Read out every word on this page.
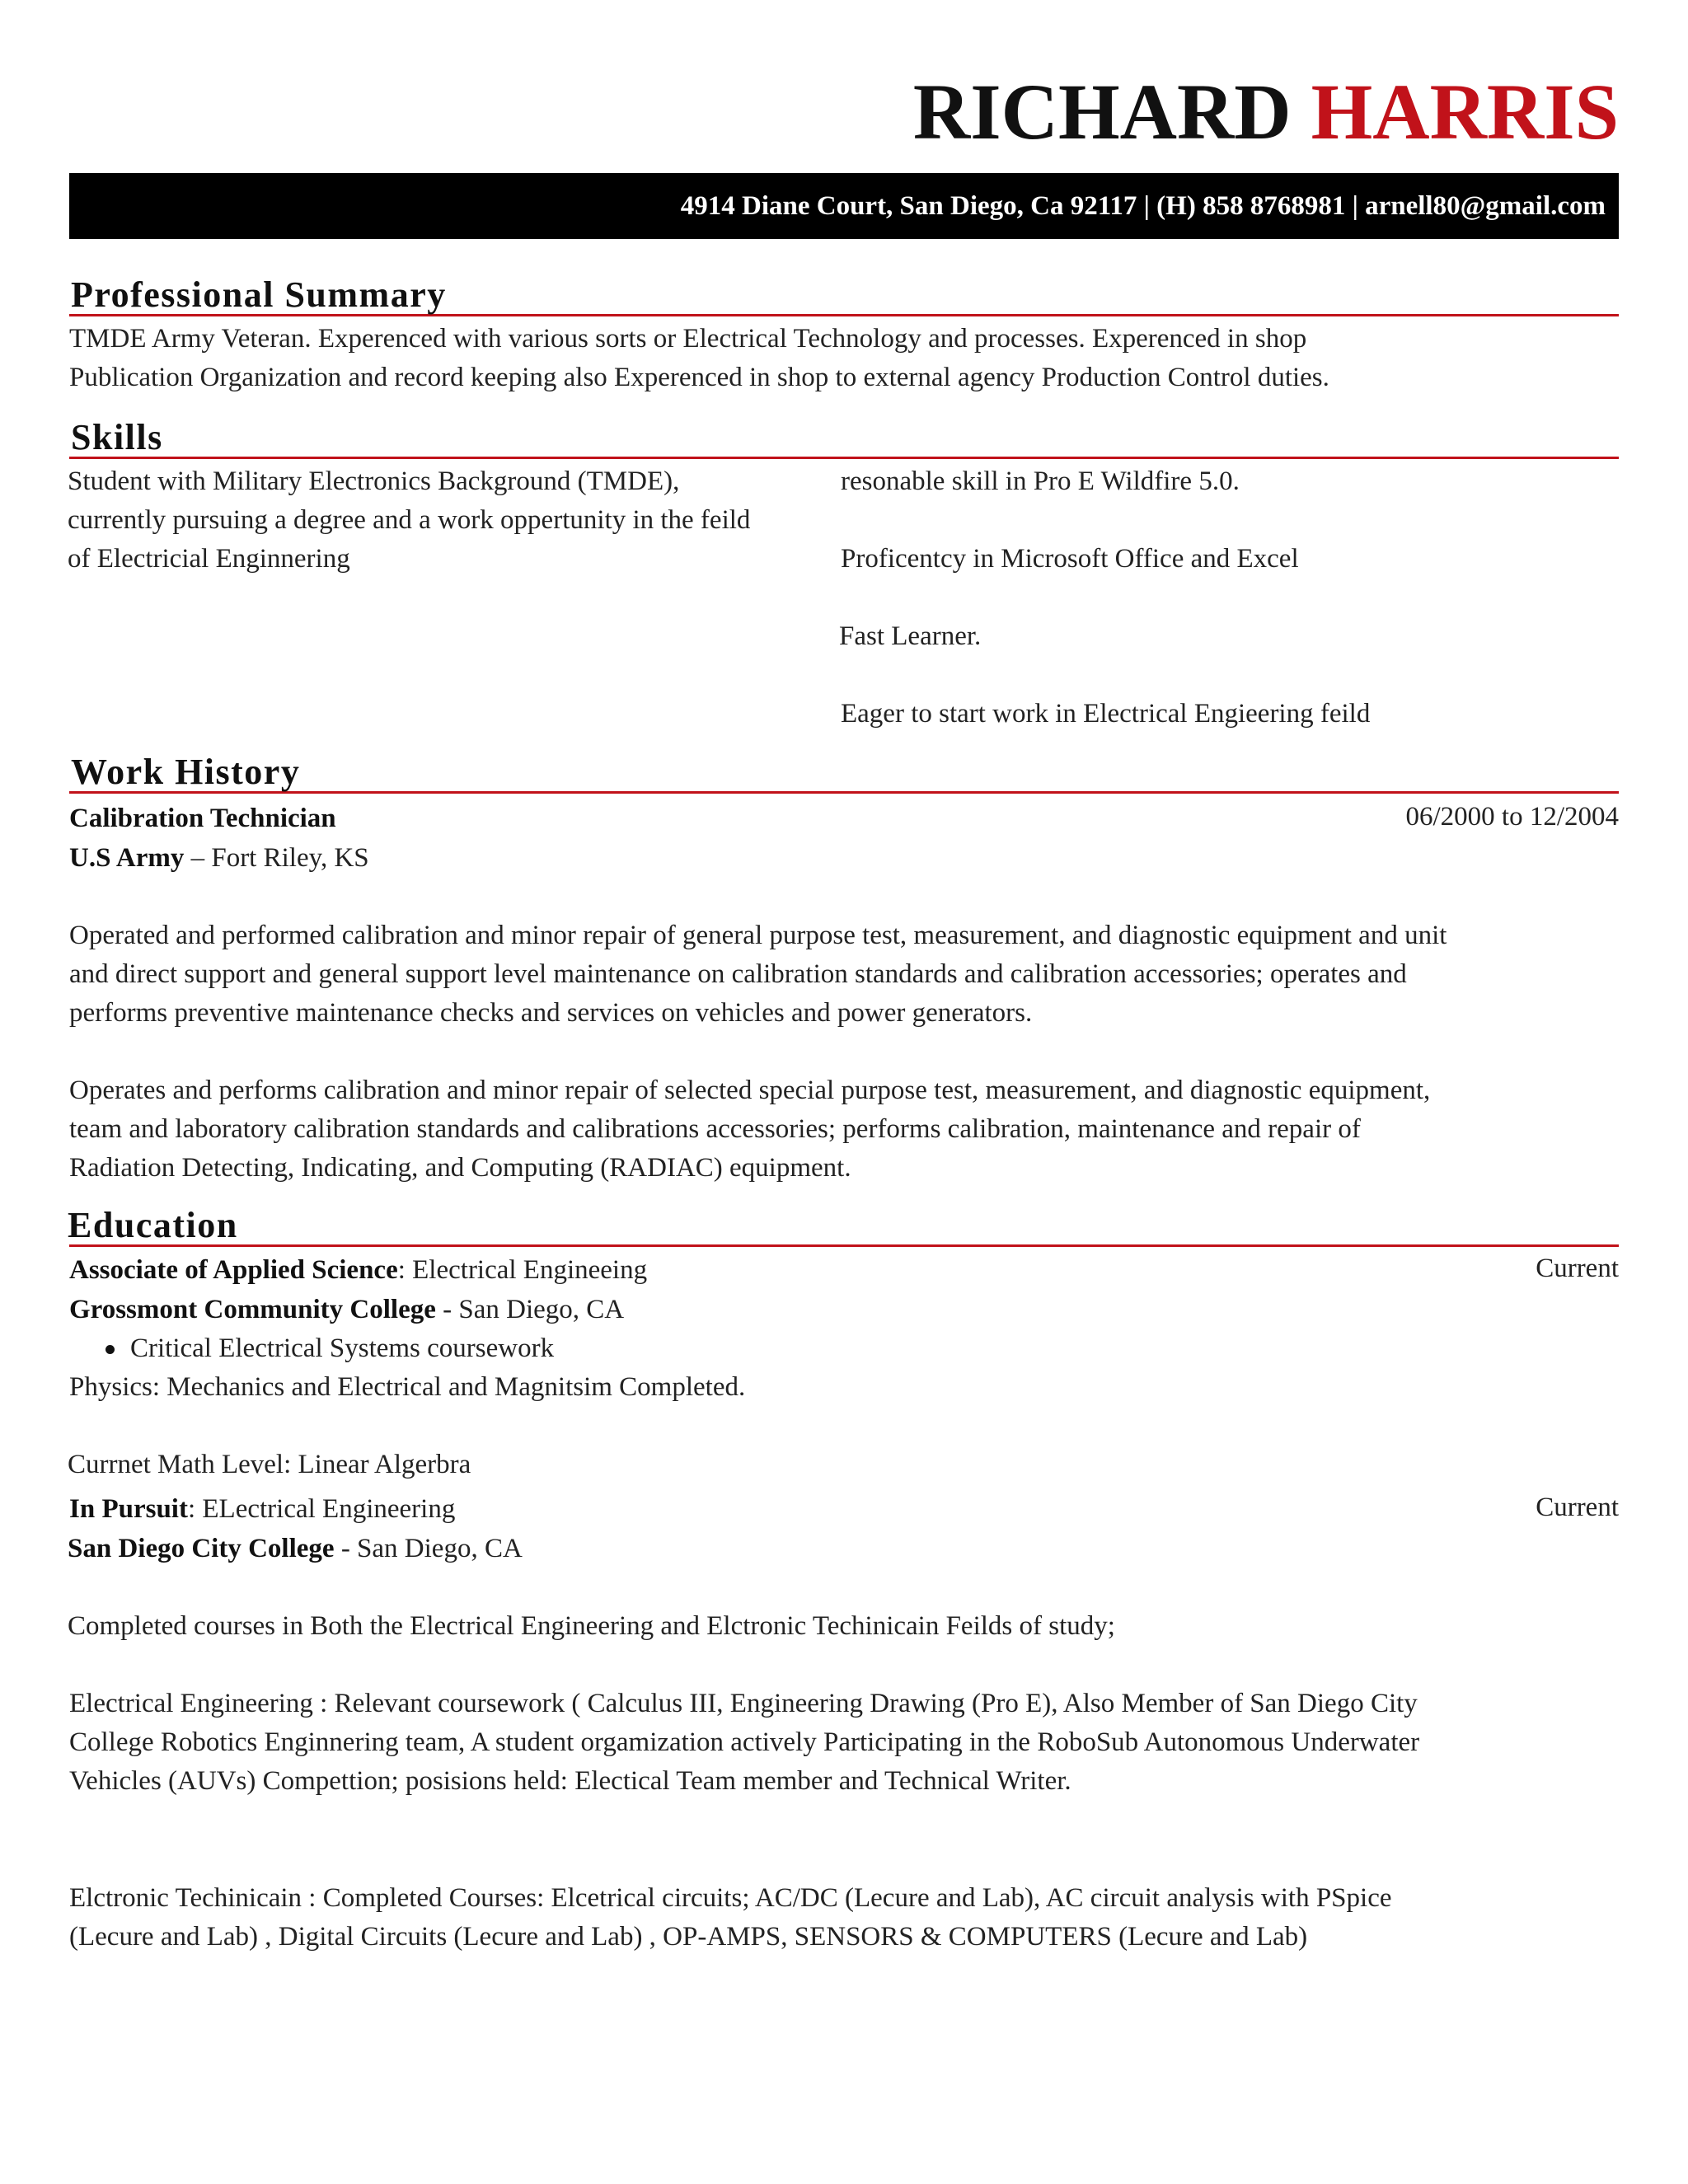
RICHARD HARRIS
4914 Diane Court, San Diego, Ca 92117 | (H) 858 8768981 | arnell80@gmail.com
Professional Summary
TMDE Army Veteran. Experenced with various sorts or Electrical Technology and processes. Experenced in shop
Publication Organization and record keeping also Experenced in shop to external agency Production Control duties.
Skills
Student with Military Electronics Background (TMDE),
currently pursuing a degree and a work oppertunity in the feild
of Electricial Enginnering
resonable skill in Pro E Wildfire 5.0.
Proficentcy in Microsoft Office and Excel
Fast Learner.
Eager to start work in Electrical Engieering feild
Work History
Calibration Technician	06/2000 to 12/2004
U.S Army – Fort Riley, KS
Operated and performed calibration and minor repair of general purpose test, measurement, and diagnostic equipment and unit
and direct support and general support level maintenance on calibration standards and calibration accessories; operates and
performs preventive maintenance checks and services on vehicles and power generators.
Operates and performs calibration and minor repair of selected special purpose test, measurement, and diagnostic equipment,
team and laboratory calibration standards and calibrations accessories; performs calibration, maintenance and repair of
Radiation Detecting, Indicating, and Computing (RADIAC) equipment.
Education
Associate of Applied Science: Electrical Engineeing	Current
Grossmont Community College - San Diego, CA
Critical Electrical Systems coursework
Physics: Mechanics and Electrical and Magnitsim Completed.
Currnet Math Level: Linear Algerbra
In Pursuit: ELectrical Engineering	Current
San Diego City College - San Diego, CA
Completed courses in Both the Electrical Engineering and Elctronic Techinicain Feilds of study;
Electrical Engineering : Relevant coursework ( Calculus III, Engineering Drawing (Pro E), Also Member of San Diego City
College Robotics Enginnering team, A student orgamization actively Participating in the RoboSub Autonomous Underwater
Vehicles (AUVs) Compettion; posisions held: Electical Team member and Technical Writer.
Elctronic Techinicain : Completed Courses: Elcetrical circuits; AC/DC (Lecure and Lab), AC circuit analysis with PSpice
(Lecure and Lab) , Digital Circuits (Lecure and Lab) , OP-AMPS, SENSORS & COMPUTERS (Lecure and Lab)
